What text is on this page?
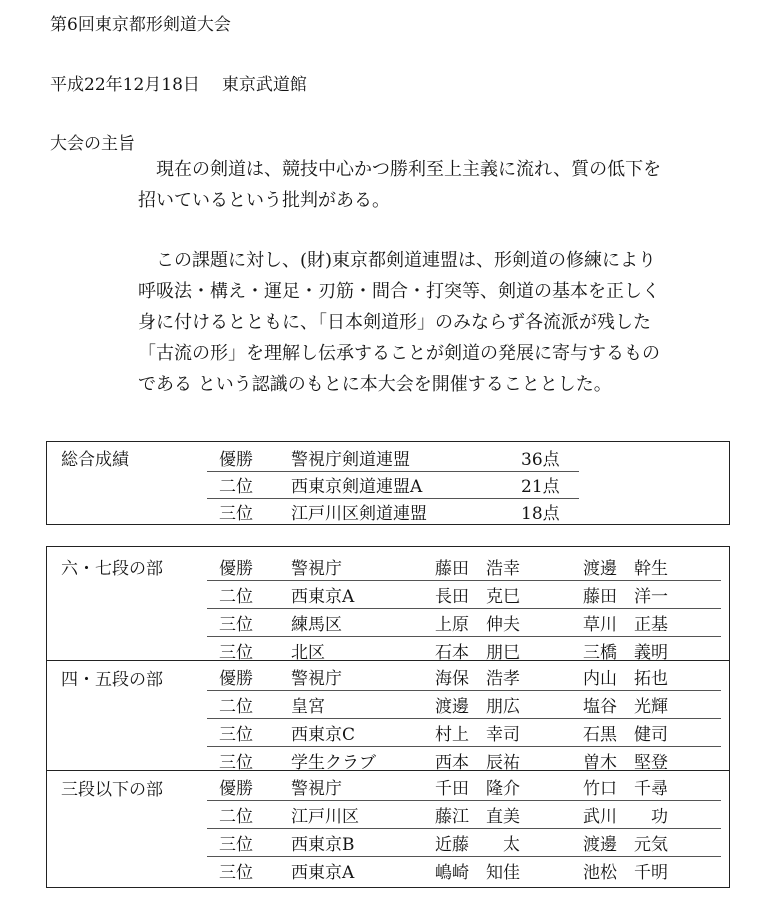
第6回東京都形剣道大会
平成22年12月18日 東京武道館
大会の主旨

現在の剣道は、競技中心かつ勝利至上主義に流れ、質の低下を

招いているという批判がある。

この課題に対し、(財)東京都剣道連盟は、形剣道の修練により

呼吸法・構え・運足・刃筋・間合・打突等、剣道の基本を正しく

身に付けるとともに、「日本剣道形」のみならず各流派が残した

「古流の形」を理解し伝承することが剣道の発展に寄与するもの

である という認識のもとに本大会を開催することとした。

総合成績	優勝 警視庁剣道連盟	36点
二位 西東京剣道連盟A	21点
三位 江戸川区剣道連盟	18点
六・七段の部	優勝 警視庁	藤田　浩幸	渡邊　幹生
二位 西東京A	長田　克巳	藤田　洋一
三位 練馬区	上原　伸夫	草川　正基
三位 北区	石本　朋巳	三橋　義明
四・五段の部	優勝 警視庁	海保　浩孝	内山　拓也
二位 皇宮	渡邊　朋広	塩谷　光輝
三位 西東京C	村上　幸司	石黒　健司
三位 学生クラブ	西本　辰祐	曽木　堅登
三段以下の部	優勝 警視庁	千田　隆介	竹口　千尋
二位 江戸川区	藤江　直美	武川　　功
三位 西東京B	近藤　　太	渡邊　元気
三位 西東京A	嶋崎　知佳	池松　千明
